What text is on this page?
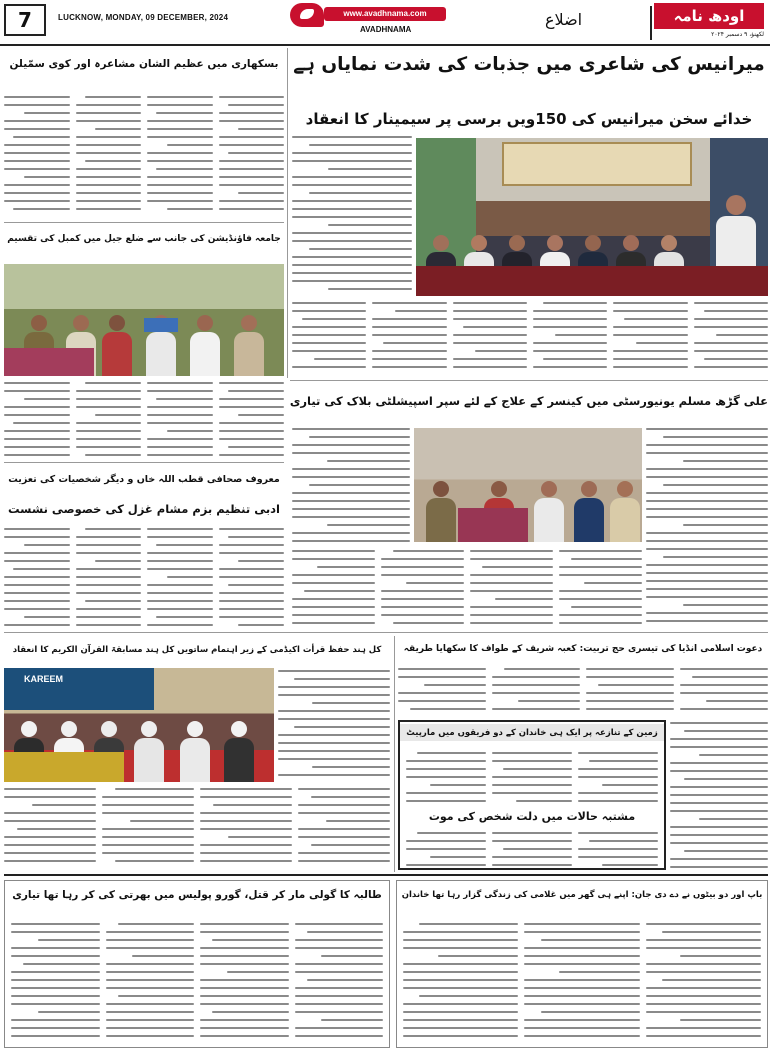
7	LUCKNOW, MONDAY, 09 DECEMBER, 2024	www.avadhnama.com
AVADHNAMA
اضلاع	اودھ نامہ
لکھنؤ، ۹ دسمبر ۲۰۲۴
میرانیس کی شاعری میں جذبات کی شدت نمایاں ہے
خدائے سخن میرانیس کی 150ویں برسی پر سیمینار کا انعقاد
بسکھاری میں عظیم الشان مشاعرہ اور کوی سمّیلن
جامعہ فاؤنڈیشن کی جانب سے ضلع جیل میں کمبل کی تقسیم
علی گڑھ مسلم یونیورسٹی میں کینسر کے علاج کے لئے سپر اسپیشلٹی بلاک کی تیاری
معروف صحافی قطب اللہ خاں و دیگر شخصیات کی تعزیت
ادبی تنظیم بزم مشام غزل کی خصوصی نشست
کل ہند حفظ قرأت اکیڈمی کے زیر اہتمام ساتویں کل ہند مسابقۃ القرآن الکریم کا انعقاد
KAREEM
دعوت اسلامی انڈیا کی تیسری حج تربیت: کعبہ شریف کے طواف کا سکھایا طریقہ
زمین کے تنازعہ پر ایک ہی خاندان کے دو فریقوں میں مارپیٹ
مشتبہ حالات میں دلت شخص کی موت
طالبہ کا گولی مار کر قتل، گورو پولیس میں بھرتی کی کر رہا تھا تیاری	باپ اور دو بیٹوں نے دے دی جان: اپنے ہی گھر میں غلامی کی زندگی گزار رہا تھا خاندان
